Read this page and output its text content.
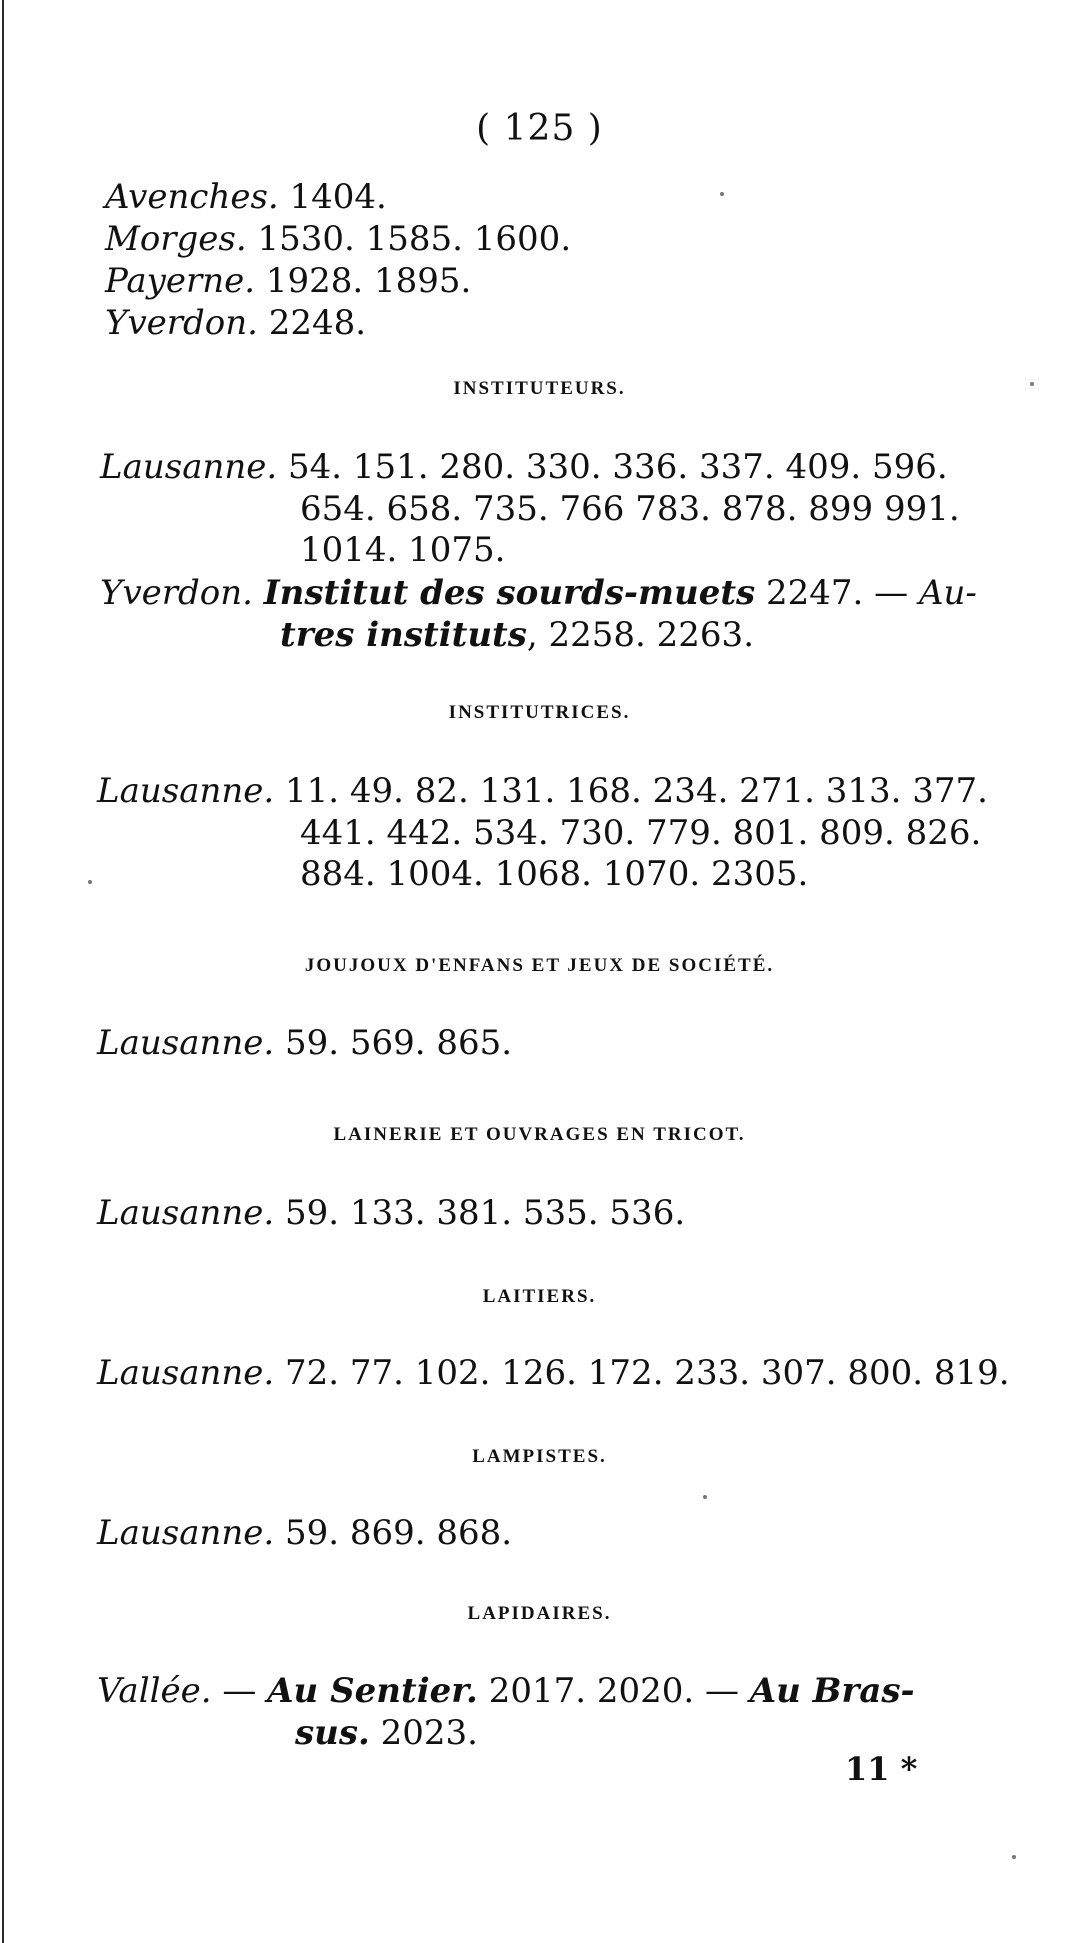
( 125 )
Avenches. 1404.
Morges. 1530. 1585. 1600.
Payerne. 1928. 1895.
Yverdon. 2248.
INSTITUTEURS.
Lausanne. 54. 151. 280. 330. 336. 337. 409. 596.
654. 658. 735. 766 783. 878. 899 991.
1014. 1075.
Yverdon. Institut des sourds-muets 2247. — Au-
tres instituts, 2258. 2263.
INSTITUTRICES.
Lausanne. 11. 49. 82. 131. 168. 234. 271. 313. 377.
441. 442. 534. 730. 779. 801. 809. 826.
884. 1004. 1068. 1070. 2305.
JOUJOUX D'ENFANS ET JEUX DE SOCIÉTÉ.
Lausanne. 59. 569. 865.
LAINERIE ET OUVRAGES EN TRICOT.
Lausanne. 59. 133. 381. 535. 536.
LAITIERS.
Lausanne. 72. 77. 102. 126. 172. 233. 307. 800. 819.
LAMPISTES.
Lausanne. 59. 869. 868.
LAPIDAIRES.
Vallée. — Au Sentier. 2017. 2020. — Au Bras-
sus. 2023.
11 *
